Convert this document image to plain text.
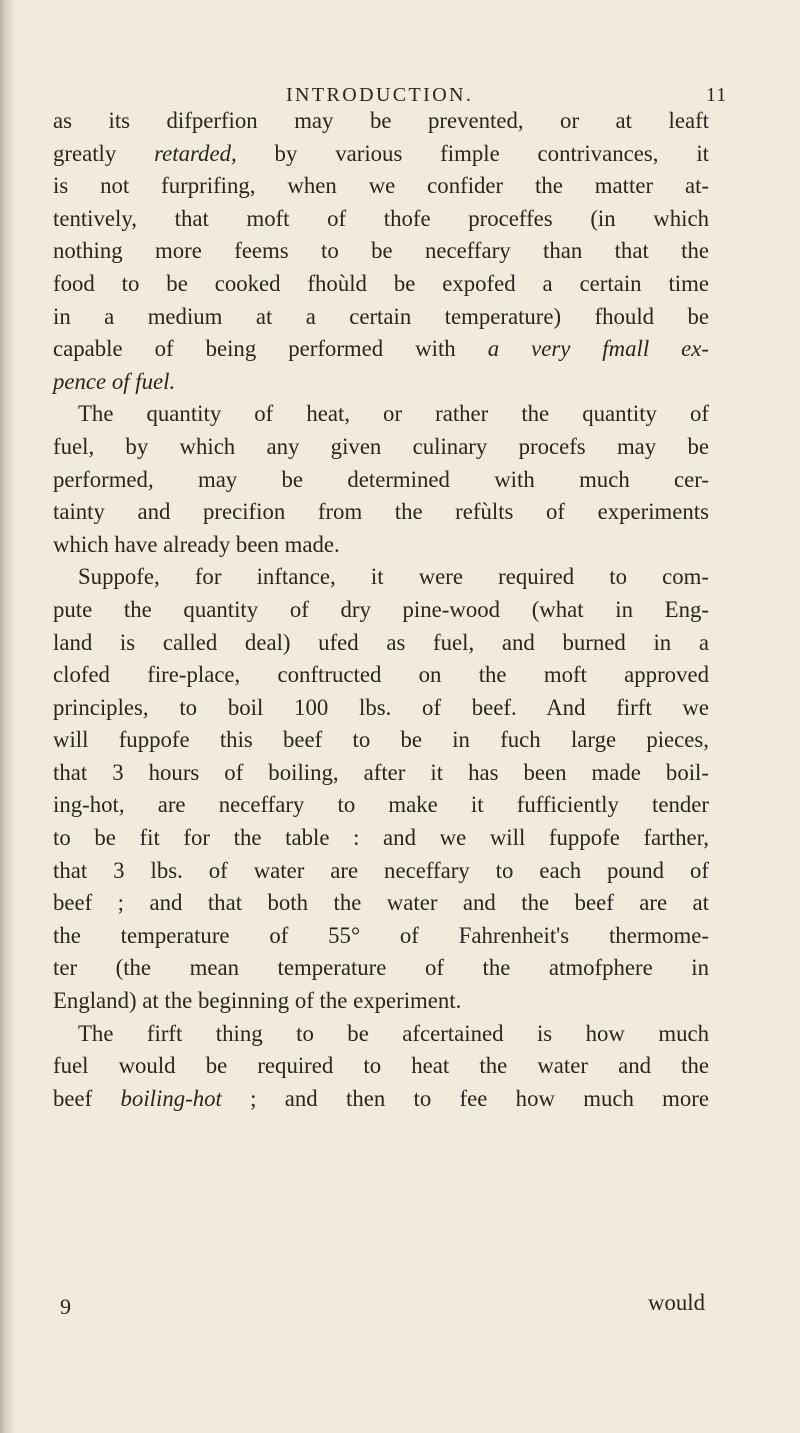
INTRODUCTION.	11
as its difperfion may be prevented, or at leaft
greatly retarded, by various fimple contrivances, it
is not furprifing, when we confider the matter at-
tentively, that moft of thofe proceffes (in which
nothing more feems to be neceffary than that the
food to be cooked fhoùld be expofed a certain time
in a medium at a certain temperature) fhould be
capable of being performed with a very fmall ex-
pence of fuel.
The quantity of heat, or rather the quantity of
fuel, by which any given culinary procefs may be
performed, may be determined with much cer-
tainty and precifion from the refùlts of experiments
which have already been made.
Suppofe, for inftance, it were required to com-
pute the quantity of dry pine-wood (what in Eng-
land is called deal) ufed as fuel, and burned in a
clofed fire-place, conftructed on the moft approved
principles, to boil 100 lbs. of beef. And firft we
will fuppofe this beef to be in fuch large pieces,
that 3 hours of boiling, after it has been made boil-
ing-hot, are neceffary to make it fufficiently tender
to be fit for the table : and we will fuppofe farther,
that 3 lbs. of water are neceffary to each pound of
beef ; and that both the water and the beef are at
the temperature of 55° of Fahrenheit's thermome-
ter (the mean temperature of the atmofphere in
England) at the beginning of the experiment.
The firft thing to be afcertained is how much
fuel would be required to heat the water and the
beef boiling-hot ; and then to fee how much more
9	would
